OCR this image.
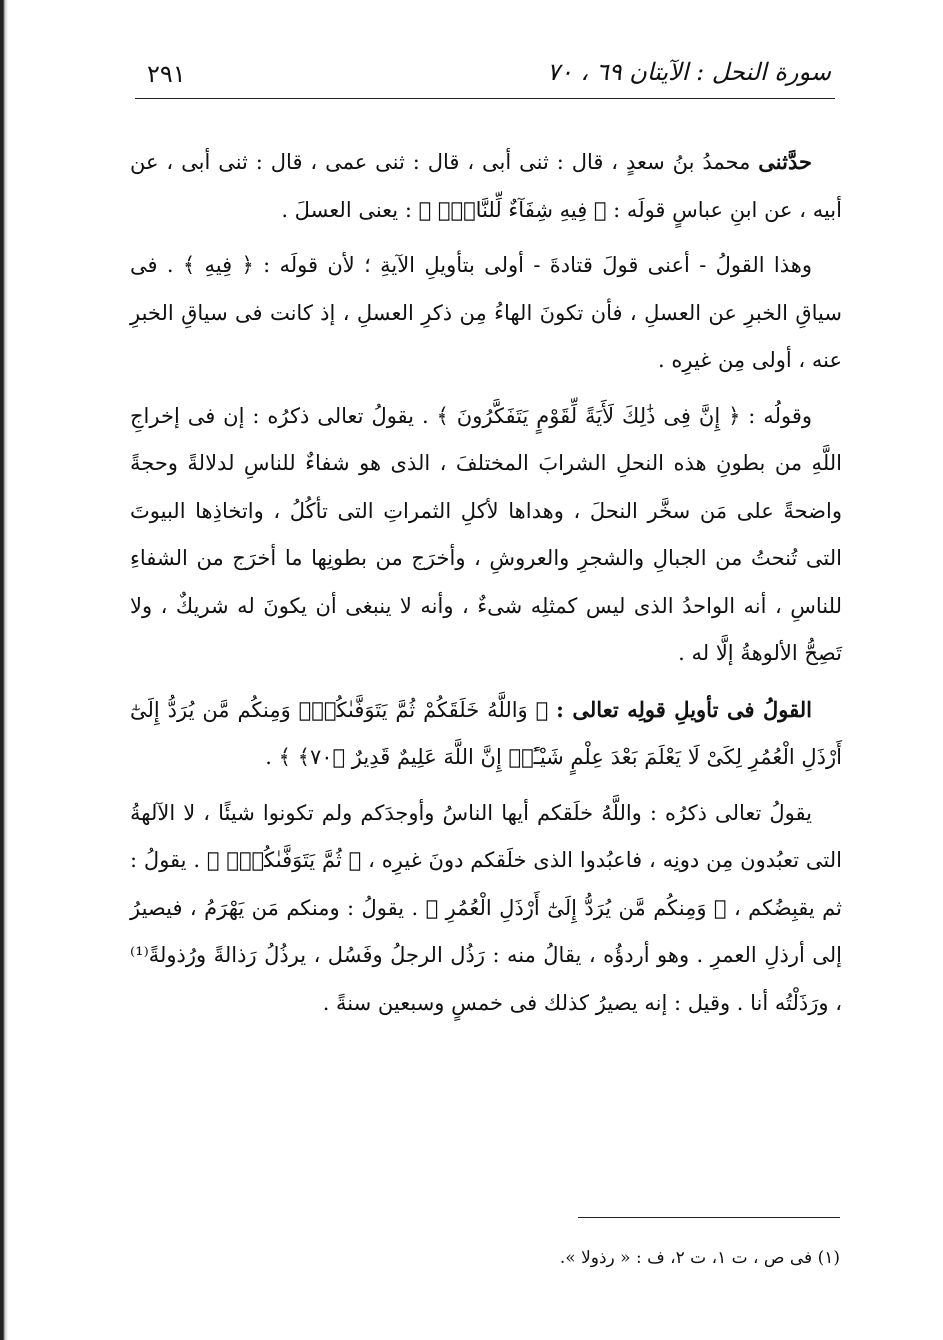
٢٩١	سورة النحل : الآيتان ٦٩ ، ٧٠

حدَّثنى محمدُ بنُ سعدٍ ، قال : ثنى أبى ، قال : ثنى عمى ، قال : ثنى أبى ، عن أبيه ، عن ابنِ عباسٍ قولَه : ﴿ فِيهِ شِفَآءٌ لِّلنَّاسِۚ ﴾ : يعنى العسلَ .

وهذا القولُ - أعنى قولَ قتادةَ - أولى بتأويلِ الآيةِ ؛ لأن قولَه : ﴿ فِيهِ ﴾ . فى سياقِ الخبرِ عن العسلِ ، فأن تكونَ الهاءُ مِن ذكرِ العسلِ ، إذ كانت فى سياقِ الخبرِ عنه ، أولى مِن غيرِه .

وقولُه : ﴿ إِنَّ فِى ذَٰلِكَ لَأَيَةً لِّقَوْمٍ يَتَفَكَّرُونَ ﴾ . يقولُ تعالى ذكرُه : إن فى إخراجِ اللَّهِ من بطونِ هذه النحلِ الشرابَ المختلفَ ، الذى هو شفاءٌ للناسِ لدلالةً وحجةً واضحةً على مَن سخَّر النحلَ ، وهداها لأكلِ الثمراتِ التى تأكُلُ ، واتخاذِها البيوتَ التى تُنحتُ من الجبالِ والشجرِ والعروشِ ، وأخرَج من بطونِها ما أخرَج من الشفاءِ للناسِ ، أنه الواحدُ الذى ليس كمثلِه شىءٌ ، وأنه لا ينبغى أن يكونَ له شريكٌ ، ولا تَصِحُّ الألوهةُ إلَّا له .

القولُ فى تأويلِ قولِه تعالى : ﴿ وَاللَّهُ خَلَقَكُمْ ثُمَّ يَتَوَفَّىٰكُمْۚ وَمِنكُم مَّن يُرَدُّ إِلَىٰٓ أَرْذَلِ الْعُمُرِ لِكَىْ لَا يَعْلَمَ بَعْدَ عِلْمٍ شَيْـًٔاۚ إِنَّ اللَّهَ عَلِيمٌ قَدِيرٌ ﴿٧٠﴾ ﴾ .

يقولُ تعالى ذكرُه : واللَّهُ خلَقكم أيها الناسُ وأوجدَكم ولم تكونوا شيئًا ، لا الآلهةُ التى تعبُدون مِن دونِه ، فاعبُدوا الذى خلَقكم دونَ غيرِه ، ﴿ ثُمَّ يَتَوَفَّىٰكُمْۚ ﴾ . يقولُ : ثم يقبِضُكم ، ﴿ وَمِنكُم مَّن يُرَدُّ إِلَىٰٓ أَرْذَلِ الْعُمُرِ ﴾ . يقولُ : ومنكم مَن يَهْرَمُ ، فيصيرُ إلى أرذلِ العمرِ . وهو أردؤُه ، يقالُ منه : رَذُل الرجلُ وفَسُل ، يرذُلُ رَذالةً ورُذولةً⁽¹⁾ ، ورَذَلْتُه أنا . وقيل : إنه يصيرُ كذلك فى خمسٍ وسبعين سنةً .

(١) فى ص ، ت ١، ت ٢، ف : « رذولا ».
